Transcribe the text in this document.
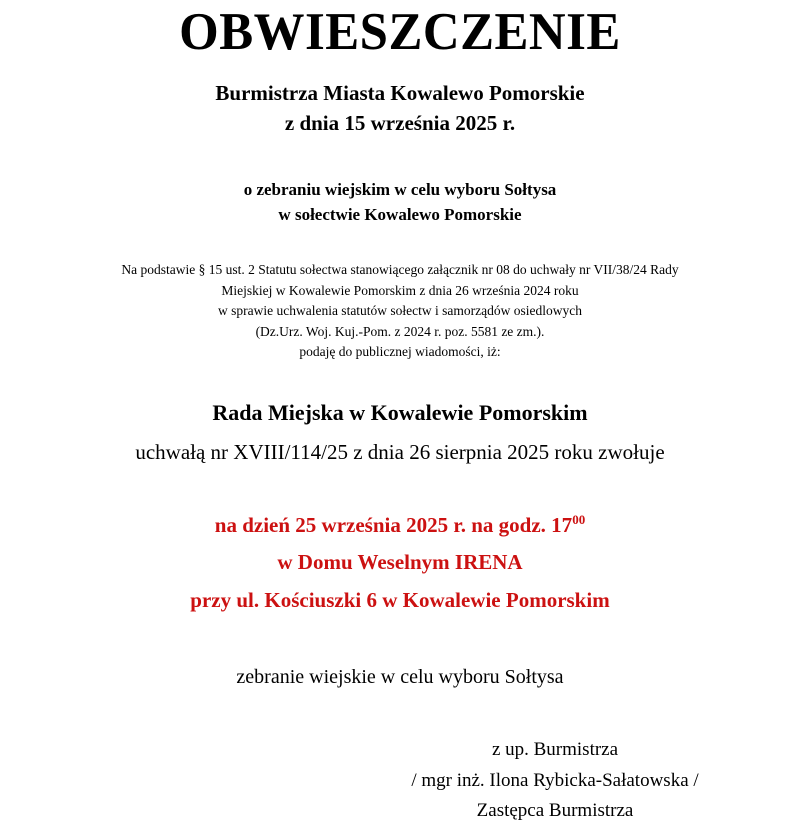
OBWIESZCZENIE
Burmistrza Miasta Kowalewo Pomorskie
z dnia 15 września 2025 r.
o zebraniu wiejskim w celu wyboru Sołtysa
w sołectwie Kowalewo Pomorskie
Na podstawie § 15 ust. 2 Statutu sołectwa stanowiącego załącznik nr 08 do uchwały nr VII/38/24 Rady
Miejskiej w Kowalewie Pomorskim z dnia 26 września 2024 roku
w sprawie uchwalenia statutów sołectw i samorządów osiedlowych
(Dz.Urz. Woj. Kuj.-Pom. z 2024 r. poz. 5581 ze zm.).
podaję do publicznej wiadomości, iż:
Rada Miejska w Kowalewie Pomorskim
uchwałą nr XVIII/114/25 z dnia 26 sierpnia 2025 roku zwołuje
na dzień 25 września 2025 r. na godz. $17^{00}$
w Domu Weselnym IRENA
przy ul. Kościuszki 6 w Kowalewie Pomorskim
zebranie wiejskie w celu wyboru Sołtysa
z up. Burmistrza
/ mgr inż. Ilona Rybicka-Sałatowska /
Zastępca Burmistrza
